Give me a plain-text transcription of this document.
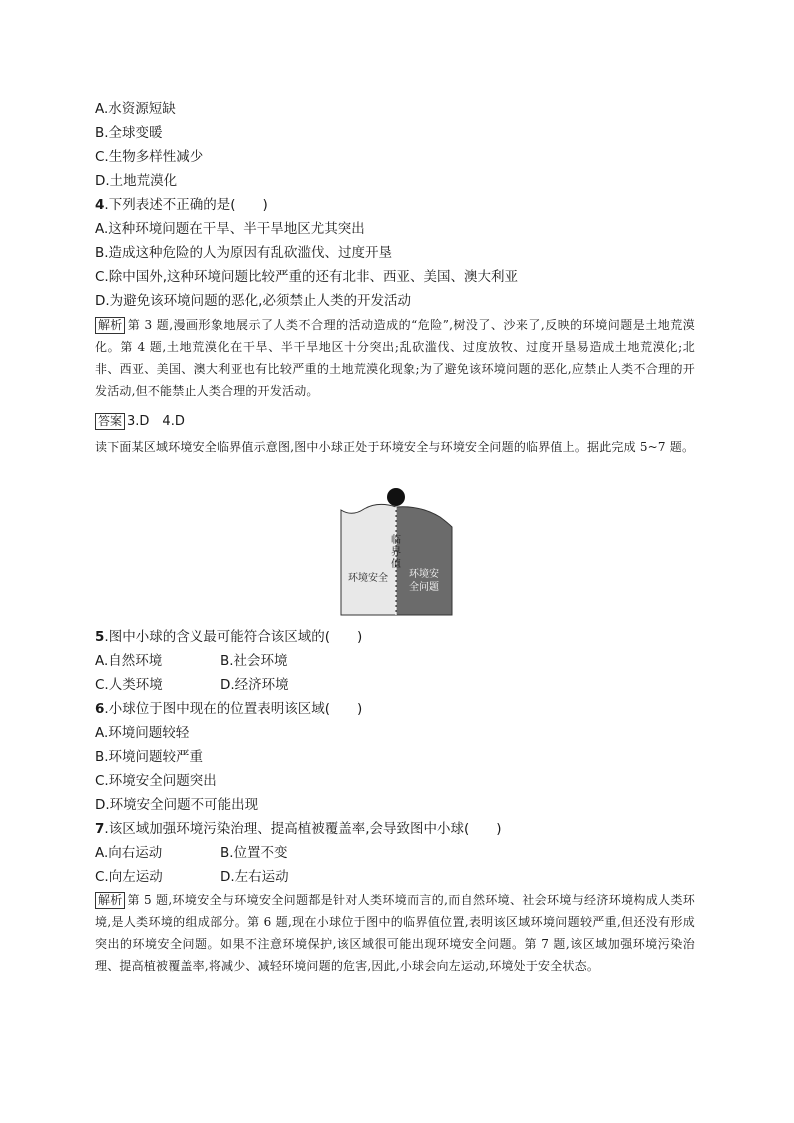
A.水资源短缺
B.全球变暖
C.生物多样性减少
D.土地荒漠化
4.下列表述不正确的是(　　)
A.这种环境问题在干旱、半干旱地区尤其突出
B.造成这种危险的人为原因有乱砍滥伐、过度开垦
C.除中国外,这种环境问题比较严重的还有北非、西亚、美国、澳大利亚
D.为避免该环境问题的恶化,必须禁止人类的开发活动
解析 第 3 题,漫画形象地展示了人类不合理的活动造成的“危险”,树没了、沙来了,反映的环境问题是土地荒漠化。第 4 题,土地荒漠化在干旱、半干旱地区十分突出;乱砍滥伐、过度放牧、过度开垦易造成土地荒漠化;北非、西亚、美国、澳大利亚也有比较严重的土地荒漠化现象;为了避免该环境问题的恶化,应禁止人类不合理的开发活动,但不能禁止人类合理的开发活动。
答案 3.D　4.D
读下面某区域环境安全临界值示意图,图中小球正处于环境安全与环境安全问题的临界值上。据此完成 5~7 题。
临
界
值
环境安全 环境安
全问题
5.图中小球的含义最可能符合该区域的(　　)
A.自然环境	B.社会环境
C.人类环境	D.经济环境
6.小球位于图中现在的位置表明该区域(　　)
A.环境问题较轻
B.环境问题较严重
C.环境安全问题突出
D.环境安全问题不可能出现
7.该区域加强环境污染治理、提高植被覆盖率,会导致图中小球(　　)
A.向右运动	B.位置不变
C.向左运动	D.左右运动
解析 第 5 题,环境安全与环境安全问题都是针对人类环境而言的,而自然环境、社会环境与经济环境构成人类环境,是人类环境的组成部分。第 6 题,现在小球位于图中的临界值位置,表明该区域环境问题较严重,但还没有形成突出的环境安全问题。如果不注意环境保护,该区域很可能出现环境安全问题。第 7 题,该区域加强环境污染治理、提高植被覆盖率,将减少、减轻环境问题的危害,因此,小球会向左运动,环境处于安全状态。
